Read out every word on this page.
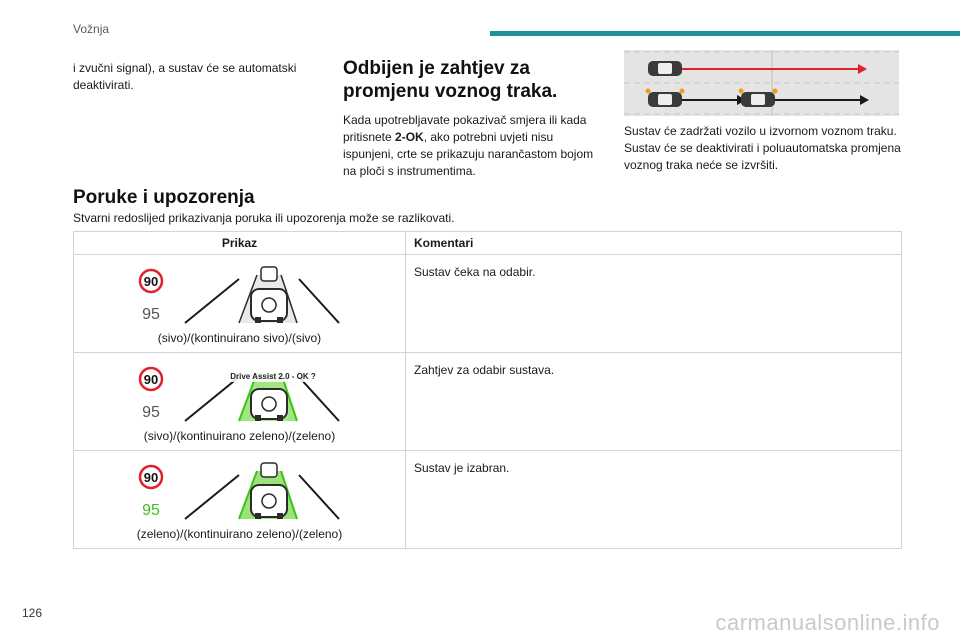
Vožnja
i zvučni signal), a sustav će se automatski deaktivirati.
Odbijen je zahtjev za promjenu voznog traka.

Kada upotrebljavate pokazivač smjera ili kada pritisnete 2-OK, ako potrebni uvjeti nisu ispunjeni, crte se prikazuju narančastom bojom na ploči s instrumentima.

Sustav će zadržati vozilo u izvornom voznom traku. Sustav će se deaktivirati i poluautomatska promjena voznog traka neće se izvršiti.
Poruke i upozorenja
Stvarni redoslijed prikazivanja poruka ili upozorenja može se razlikovati.
Prikaz	Komentari

90
95
(sivo)/(kontinuirano sivo)/(sivo)	Sustav čeka na odabir.

90
95
Drive Assist 2.0 - OK ?
(sivo)/(kontinuirano zeleno)/(zeleno)	Zahtjev za odabir sustava.

90
95
(zeleno)/(kontinuirano zeleno)/(zeleno)	Sustav je izabran.
126	carmanualsonline.info
